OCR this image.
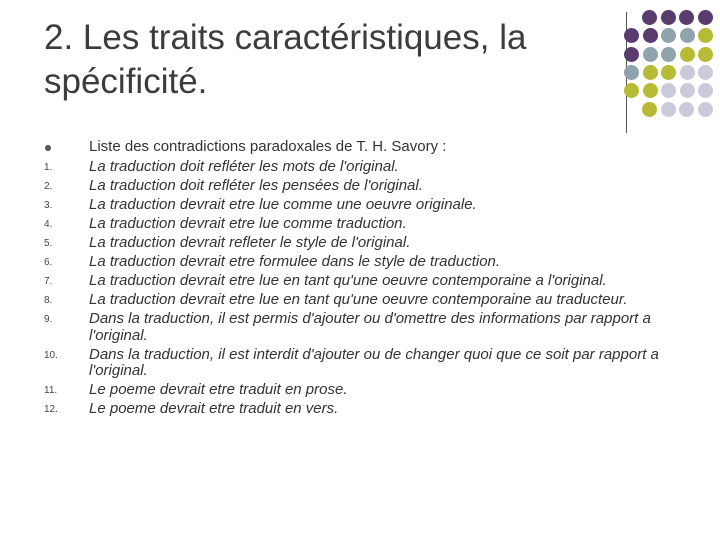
2. Les traits caractéristiques, la
spécificité.
Liste des contradictions paradoxales de T. H. Savory :
1.	La traduction doit refléter les mots de l'original.
2.	La traduction doit refléter les pensées de l'original.
3.	La traduction devrait etre lue comme une oeuvre originale.
4.	La traduction devrait etre lue comme traduction.
5.	La traduction devrait refleter le style de l'original.
6.	La traduction devrait etre formulee dans le style de traduction.
7.	La traduction devrait etre lue en tant qu'une oeuvre contemporaine a l'original.
8.	La traduction devrait etre lue en tant qu'une oeuvre contemporaine au traducteur.
9.	Dans la traduction, il est permis d'ajouter ou d'omettre des informations par rapport a l'original.
10.	Dans la traduction, il est interdit d'ajouter ou de changer quoi que ce soit par rapport a l'original.
11.	Le poeme devrait etre traduit en prose.
12.	Le poeme devrait etre traduit en vers.
